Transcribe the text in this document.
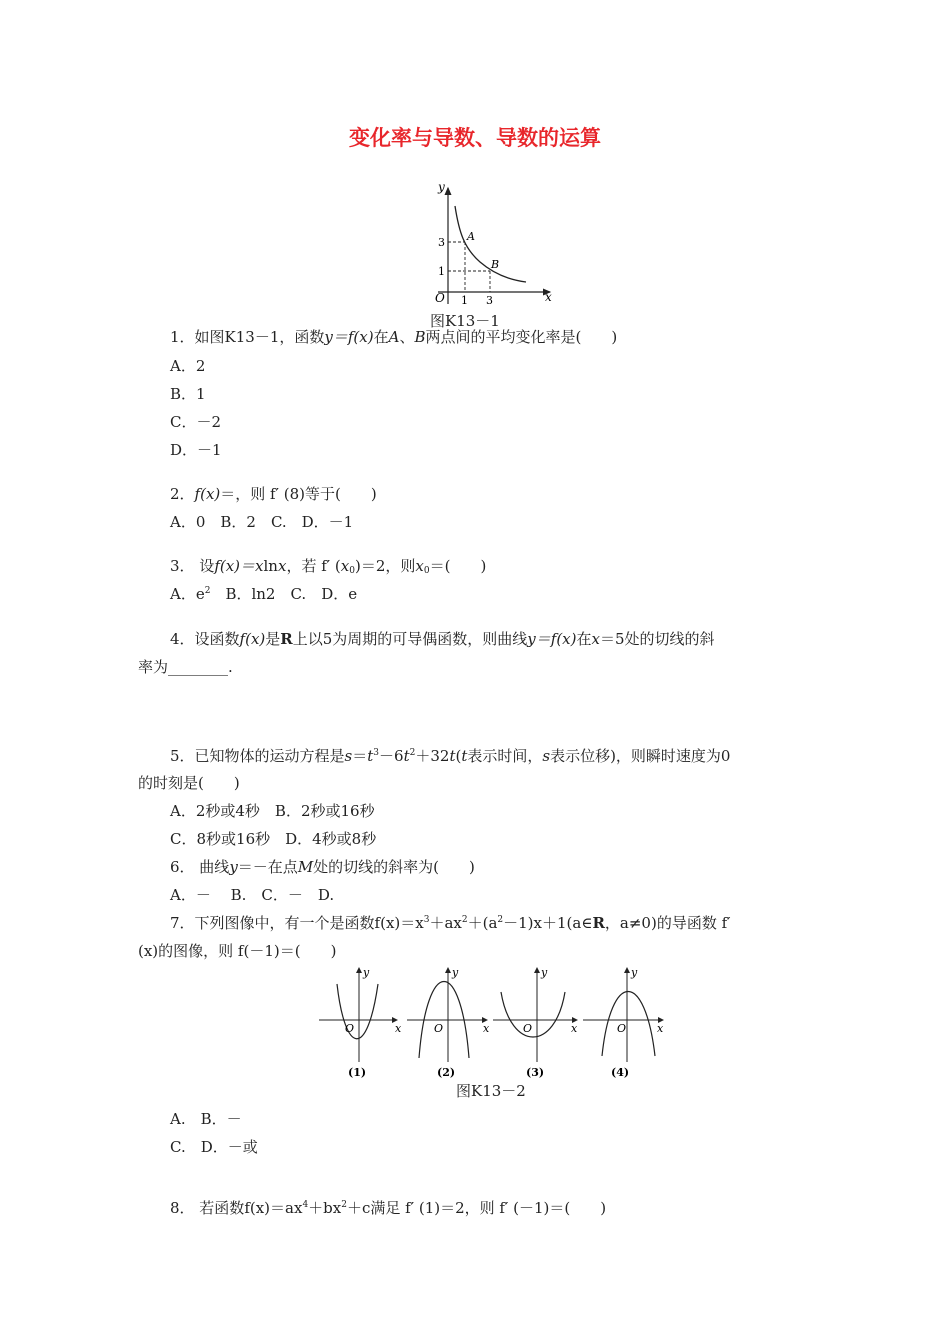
变化率与导数、导数的运算
y
x
O
3
1
1 3
A
B
图K13－1
1．如图K13－1，函数y＝f(x)在A、B两点间的平均变化率是(　　)
A．2
B．1
C．－2
D．－1
2．f(x)＝，则 f′ (8)等于(　　)
A．0　B．2　C.　D．－1
3． 设f(x)＝xlnx，若 f′ $(x_0)=2$，则$x_0=$(　　)
A．$e^2$　B．ln2　C.　D．e
4．设函数f(x)是R上以5为周期的可导偶函数，则曲线y＝f(x)在x＝5处的切线的斜
率为________.
5．已知物体的运动方程是$s=t^3-6t^2+32t(t$表示时间，s表示位移)，则瞬时速度为0
的时刻是(　　)
A．2秒或4秒　B．2秒或16秒
C．8秒或16秒　D．4秒或8秒
6． 曲线y＝－在点M处的切线的斜率为(　　)
A．－　 B.　C．－　D.
7．下列图像中，有一个是函数$f(x)=x^3+ax^2+(a^2-1)x+1(a\in R$，a≠0)的导函数 f′
(x)的图像，则 f(－1)＝(　　)
y
x
O
(1)
y
x
O
(2)
y
x
O
(3)
y
x
O
(4)
图K13－2
A.　B．－
C.　D．－或
8． 若函数$f(x)=ax^4+bx^2+c$满足 f′ (1)＝2，则 f′ (－1)＝(　　)
